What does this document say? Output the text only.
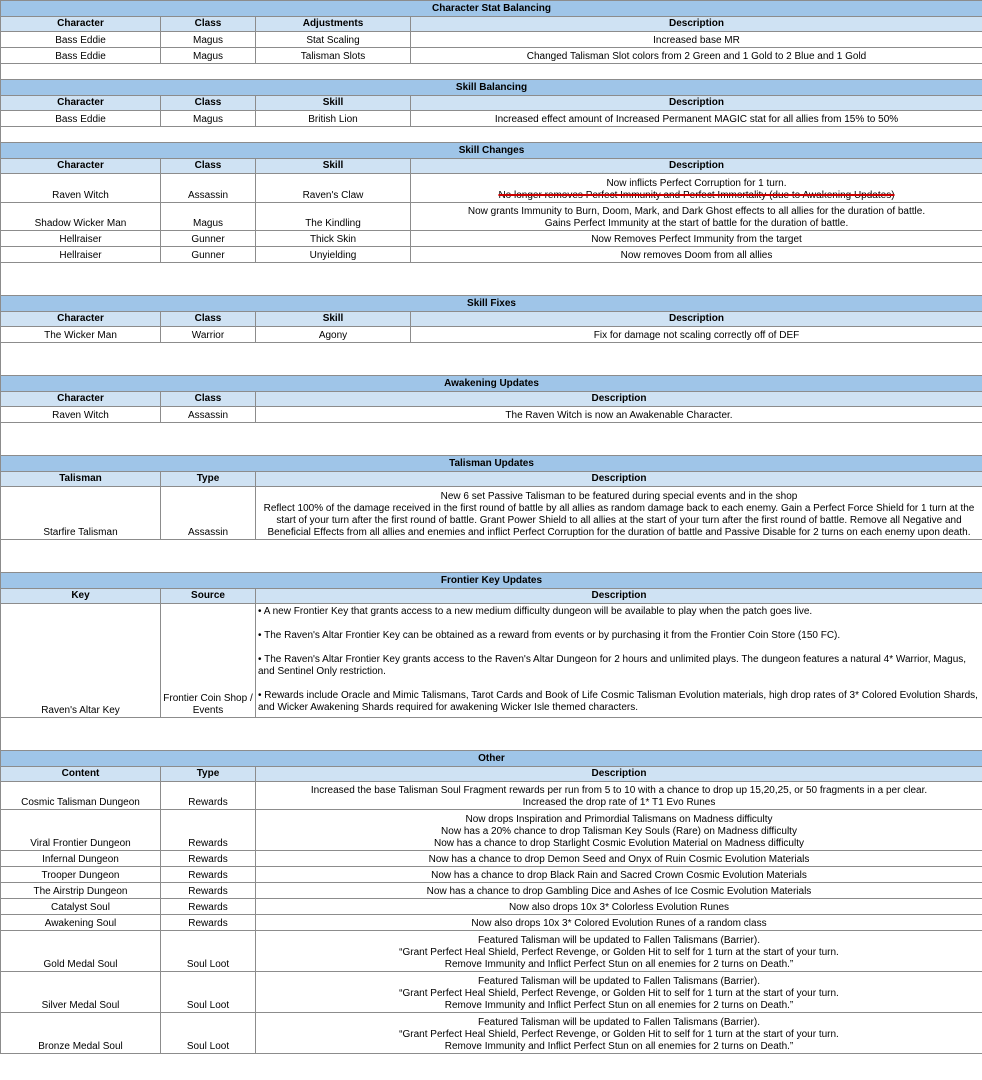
Character Stat Balancing			
Character	Class	Adjustments	Description
Bass Eddie	Magus	Stat Scaling	Increased base MR
Bass Eddie	Magus	Talisman Slots	Changed Talisman Slot colors from 2 Green and 1 Gold to 2 Blue and 1 Gold

Skill Balancing			
Character	Class	Skill	Description
Bass Eddie	Magus	British Lion	Increased effect amount of Increased Permanent MAGIC stat for all allies from 15% to 50%

Skill Changes			
Character	Class	Skill	Description
Raven Witch	Assassin	Raven's Claw	Now inflicts Perfect Corruption for 1 turn.
No longer removes Perfect Immunity and Perfect Immortality (due to Awakening Updates)

Shadow Wicker Man	Magus	The Kindling	Now grants Immunity to Burn, Doom, Mark, and Dark Ghost effects to all allies for the duration of battle.
Gains Perfect Immunity at the start of battle for the duration of battle.

Hellraiser	Gunner	Thick Skin	Now Removes Perfect Immunity from the target
Hellraiser	Gunner	Unyielding	Now removes Doom from all allies

Skill Fixes			
Character	Class	Skill	Description
The Wicker Man	Warrior	Agony	Fix for damage not scaling correctly off of DEF

Awakening Updates			
Character	Class	Description	
Raven Witch	Assassin	The Raven Witch is now an Awakenable Character.	

Talisman Updates			
Talisman	Type	Description	
Starfire Talisman	Assassin	New 6 set Passive Talisman to be featured during special events and in the shop
Reflect 100% of the damage received in the first round of battle by all allies as random damage back to each enemy. Gain a Perfect Force Shield for 1 turn at the start of your turn after the first round of battle. Grant Power Shield to all allies at the start of your turn after the first round of battle. Remove all Negative and Beneficial Effects from all allies and enemies and inflict Perfect Corruption for the duration of battle and Passive Disable for 2 turns on each enemy upon death.	

Frontier Key Updates			
Key	Source	Description	
Raven's Altar Key	Frontier Coin Shop / Events	• A new Frontier Key that grants access to a new medium difficulty dungeon will be available to play when the patch goes live.
• The Raven's Altar Frontier Key can be obtained as a reward from events or by purchasing it from the Frontier Coin Store (150 FC).
• The Raven's Altar Frontier Key grants access to the Raven's Altar Dungeon for 2 hours and unlimited plays. The dungeon features a natural 4* Warrior, Magus, and Sentinel Only restriction.
• Rewards include Oracle and Mimic Talismans, Tarot Cards and Book of Life Cosmic Talisman Evolution materials, high drop rates of 3* Colored Evolution Shards, and Wicker Awakening Shards required for awakening Wicker Isle themed characters.	

Other			
Content	Type	Description	
Cosmic Talisman Dungeon	Rewards	Increased the base Talisman Soul Fragment rewards per run from 5 to 10 with a chance to drop up 15,20,25, or 50 fragments in a per clear.
Increased the drop rate of 1* T1 Evo Runes	

Viral Frontier Dungeon	Rewards	Now drops Inspiration and Primordial Talismans on Madness difficulty
Now has a 20% chance to drop Talisman Key Souls (Rare) on Madness difficulty
Now has a chance to drop Starlight Cosmic Evolution Material on Madness difficulty	

Infernal Dungeon	Rewards	Now has a chance to drop Demon Seed and Onyx of Ruin Cosmic Evolution Materials	
Trooper Dungeon	Rewards	Now has a chance to drop Black Rain and Sacred Crown Cosmic Evolution Materials	
The Airstrip Dungeon	Rewards	Now has a chance to drop Gambling Dice and Ashes of Ice Cosmic Evolution Materials	
Catalyst Soul	Rewards	Now also drops 10x 3* Colorless Evolution Runes	
Awakening Soul	Rewards	Now also drops 10x 3* Colored Evolution Runes of a random class	
Gold Medal Soul	Soul Loot	Featured Talisman will be updated to Fallen Talismans (Barrier).
“Grant Perfect Heal Shield, Perfect Revenge, or Golden Hit to self for 1 turn at the start of your turn.
Remove Immunity and Inflict Perfect Stun on all enemies for 2 turns on Death.”	

Silver Medal Soul	Soul Loot	Featured Talisman will be updated to Fallen Talismans (Barrier).
“Grant Perfect Heal Shield, Perfect Revenge, or Golden Hit to self for 1 turn at the start of your turn.
Remove Immunity and Inflict Perfect Stun on all enemies for 2 turns on Death.”	

Bronze Medal Soul	Soul Loot	Featured Talisman will be updated to Fallen Talismans (Barrier).
“Grant Perfect Heal Shield, Perfect Revenge, or Golden Hit to self for 1 turn at the start of your turn.
Remove Immunity and Inflict Perfect Stun on all enemies for 2 turns on Death.”	
